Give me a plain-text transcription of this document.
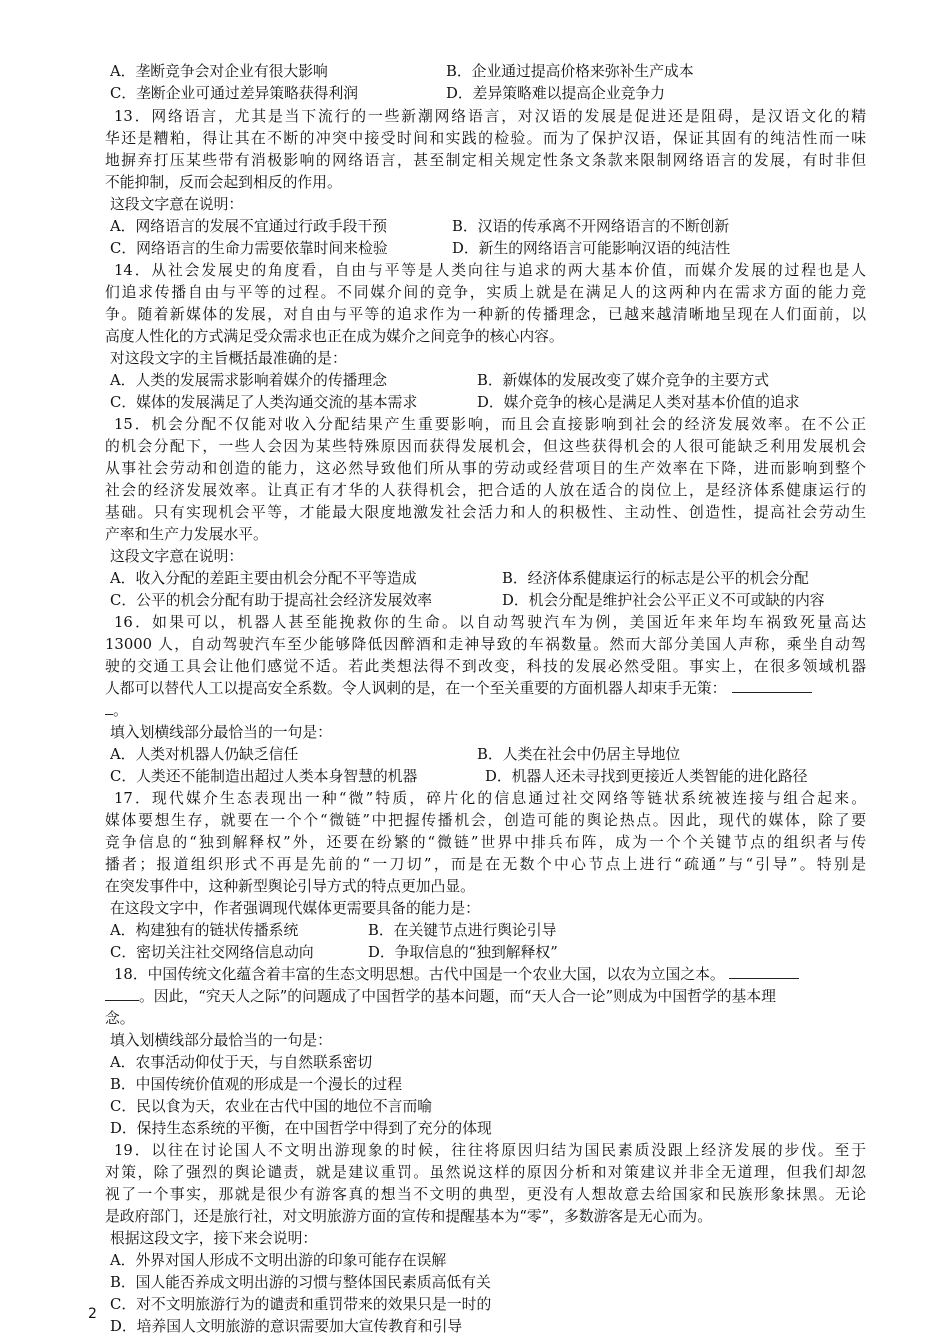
A．垄断竞争会对企业有很大影响	B．企业通过提高价格来弥补生产成本
C．垄断企业可通过差异策略获得利润	D．差异策略难以提高企业竞争力

13．网络语言，尤其是当下流行的一些新潮网络语言，对汉语的发展是促进还是阻碍，是汉语文化的精

华还是糟粕，得让其在不断的冲突中接受时间和实践的检验。而为了保护汉语，保证其固有的纯洁性而一味

地摒弃打压某些带有消极影响的网络语言，甚至制定相关规定性条文条款来限制网络语言的发展，有时非但

不能抑制，反而会起到相反的作用。

这段文字意在说明：

A．网络语言的发展不宜通过行政手段干预	B．汉语的传承离不开网络语言的不断创新
C．网络语言的生命力需要依靠时间来检验	D．新生的网络语言可能影响汉语的纯洁性

14．从社会发展史的角度看，自由与平等是人类向往与追求的两大基本价值，而媒介发展的过程也是人

们追求传播自由与平等的过程。不同媒介间的竞争，实质上就是在满足人的这两种内在需求方面的能力竞

争。随着新媒体的发展，对自由与平等的追求作为一种新的传播理念，已越来越清晰地呈现在人们面前，以

高度人性化的方式满足受众需求也正在成为媒介之间竞争的核心内容。

对这段文字的主旨概括最准确的是：

A．人类的发展需求影响着媒介的传播理念	B．新媒体的发展改变了媒介竞争的主要方式
C．媒体的发展满足了人类沟通交流的基本需求	D．媒介竞争的核心是满足人类对基本价值的追求

15．机会分配不仅能对收入分配结果产生重要影响，而且会直接影响到社会的经济发展效率。在不公正

的机会分配下，一些人会因为某些特殊原因而获得发展机会，但这些获得机会的人很可能缺乏利用发展机会

从事社会劳动和创造的能力，这必然导致他们所从事的劳动或经营项目的生产效率在下降，进而影响到整个

社会的经济发展效率。让真正有才华的人获得机会，把合适的人放在适合的岗位上，是经济体系健康运行的

基础。只有实现机会平等，才能最大限度地激发社会活力和人的积极性、主动性、创造性，提高社会劳动生

产率和生产力发展水平。

这段文字意在说明：

A．收入分配的差距主要由机会分配不平等造成	B．经济体系健康运行的标志是公平的机会分配
C．公平的机会分配有助于提高社会经济发展效率	D．机会分配是维护社会公平正义不可或缺的内容

16．如果可以，机器人甚至能挽救你的生命。以自动驾驶汽车为例，美国近年来年均车祸致死量高达

13000 人，自动驾驶汽车至少能够降低因醉酒和走神导致的车祸数量。然而大部分美国人声称，乘坐自动驾

驶的交通工具会让他们感觉不适。若此类想法得不到改变，科技的发展必然受阻。事实上，在很多领域机器

人都可以替代人工以提高安全系数。令人讽刺的是，在一个至关重要的方面机器人却束手无策：

。

填入划横线部分最恰当的一句是：

A．人类对机器人仍缺乏信任	B．人类在社会中仍居主导地位
C．人类还不能制造出超过人类本身智慧的机器	D．机器人还未寻找到更接近人类智能的进化路径

17．现代媒介生态表现出一种“微”特质，碎片化的信息通过社交网络等链状系统被连接与组合起来。

媒体要想生存，就要在一个个“微链”中把握传播机会，创造可能的舆论热点。因此，现代的媒体，除了要

竞争信息的“独到解释权”外，还要在纷繁的“微链”世界中排兵布阵，成为一个个关键节点的组织者与传

播者；报道组织形式不再是先前的“一刀切”，而是在无数个中心节点上进行“疏通”与“引导”。特别是

在突发事件中，这种新型舆论引导方式的特点更加凸显。

在这段文字中，作者强调现代媒体更需要具备的能力是：

A．构建独有的链状传播系统	B．在关键节点进行舆论引导
C．密切关注社交网络信息动向	D．争取信息的“独到解释权”

18．中国传统文化蕴含着丰富的生态文明思想。古代中国是一个农业大国，以农为立国之本。

。因此，“究天人之际”的问题成了中国哲学的基本问题，而“天人合一论”则成为中国哲学的基本理

念。

填入划横线部分最恰当的一句是：

A．农事活动仰仗于天，与自然联系密切
B．中国传统价值观的形成是一个漫长的过程
C．民以食为天，农业在古代中国的地位不言而喻
D．保持生态系统的平衡，在中国哲学中得到了充分的体现

19．以往在讨论国人不文明出游现象的时候，往往将原因归结为国民素质没跟上经济发展的步伐。至于

对策，除了强烈的舆论谴责，就是建议重罚。虽然说这样的原因分析和对策建议并非全无道理，但我们却忽

视了一个事实，那就是很少有游客真的想当不文明的典型，更没有人想故意去给国家和民族形象抹黑。无论

是政府部门，还是旅行社，对文明旅游方面的宣传和提醒基本为“零”，多数游客是无心而为。

根据这段文字，接下来会说明：

A．外界对国人形成不文明出游的印象可能存在误解
B．国人能否养成文明出游的习惯与整体国民素质高低有关
C．对不文明旅游行为的谴责和重罚带来的效果只是一时的
D．培养国人文明旅游的意识需要加大宣传教育和引导
2
